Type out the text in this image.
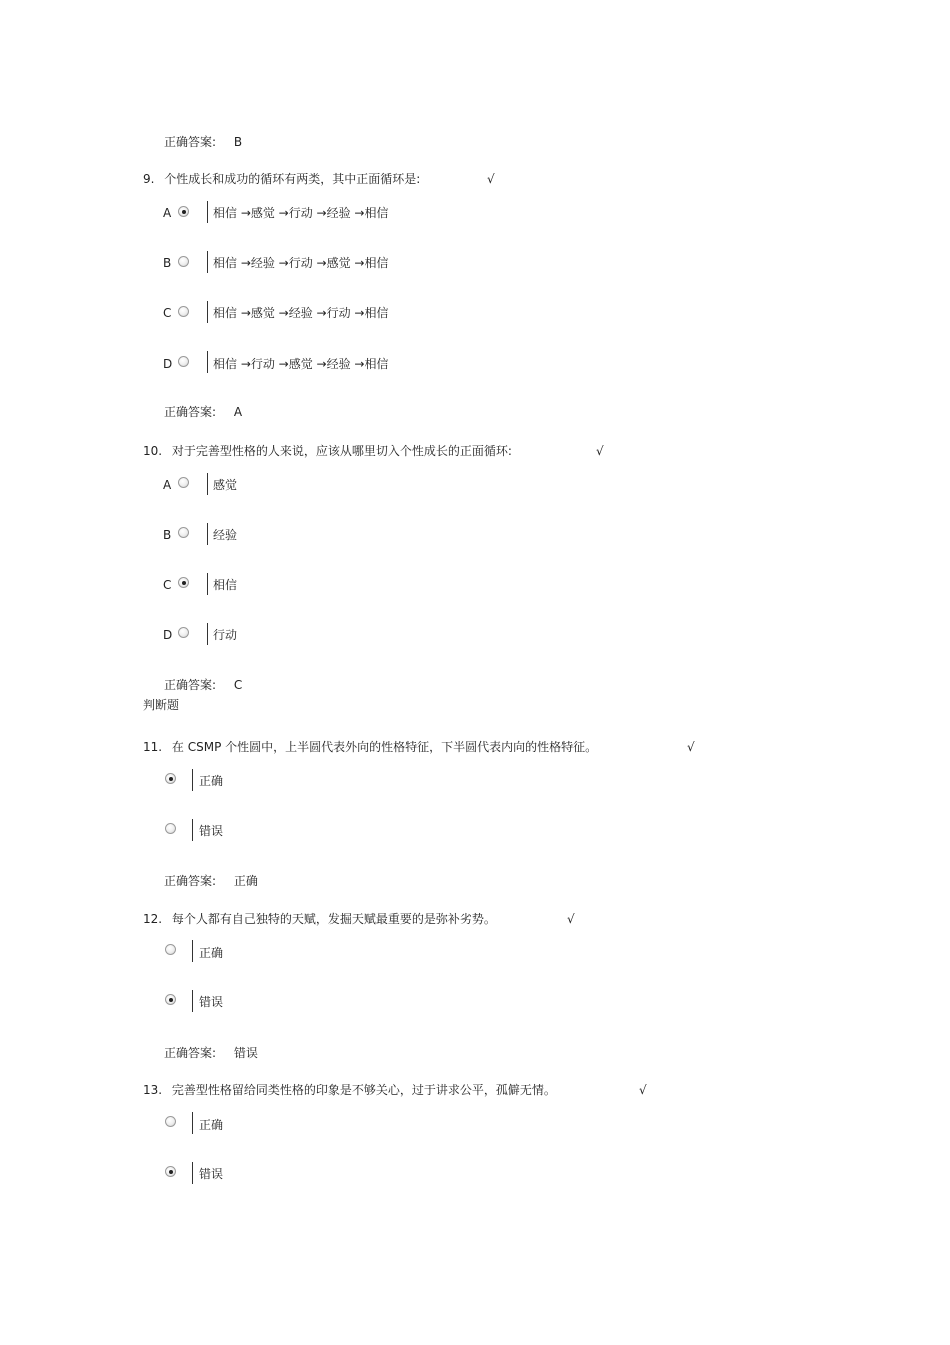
正确答案: B
9. 个性成长和成功的循环有两类，其中正面循环是:	√
A	相信 →感觉 →行动 →经验 →相信
B	相信 →经验 →行动 →感觉 →相信
C	相信 →感觉 →经验 →行动 →相信
D	相信 →行动 →感觉 →经验 →相信
正确答案: A
10. 对于完善型性格的人来说，应该从哪里切入个性成长的正面循环:	√
A	感觉
B	经验
C	相信
D	行动
正确答案: C
判断题
11. 在 CSMP 个性圆中，上半圆代表外向的性格特征，下半圆代表内向的性格特征。	√
正确
错误
正确答案: 正确
12. 每个人都有自己独特的天赋，发掘天赋最重要的是弥补劣势。	√
正确
错误
正确答案: 错误
13. 完善型性格留给同类性格的印象是不够关心，过于讲求公平，孤僻无情。	√
正确
错误
